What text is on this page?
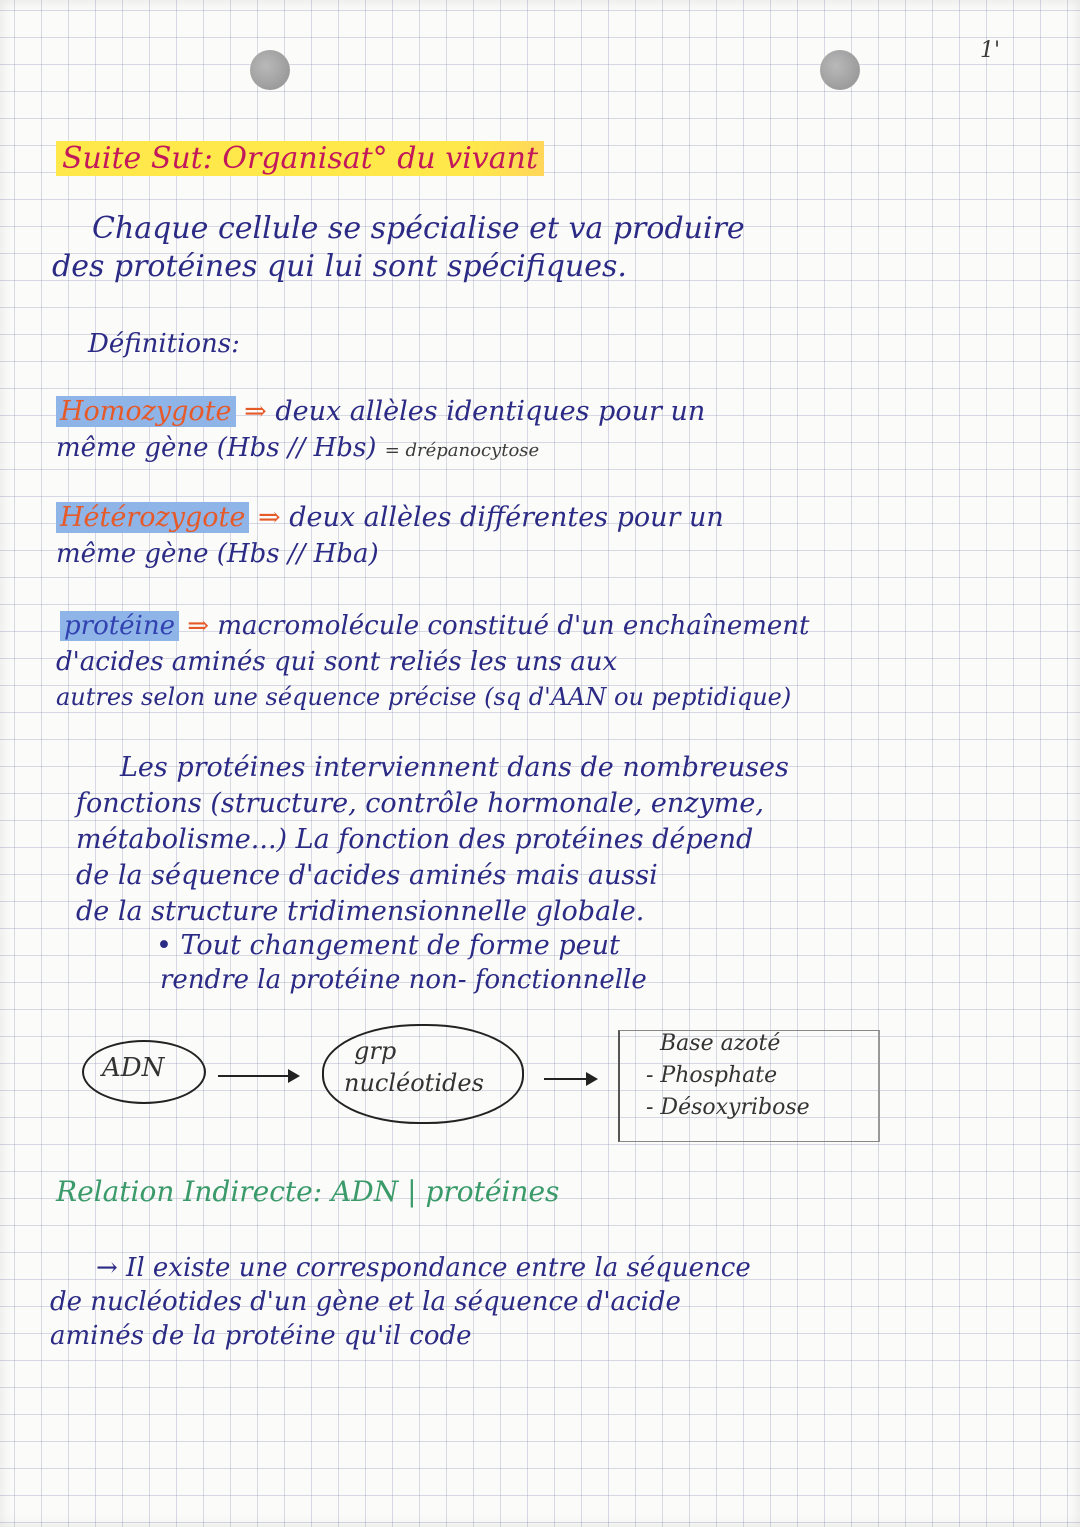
1'

Suite Sut: Organisat° du vivant

Chaque cellule se spécialise et va produire

des protéines qui lui sont spécifiques.

Définitions:

Homozygote ⇒ deux allèles identiques pour un

même gène (Hbs // Hbs) = drépanocytose

Hétérozygote ⇒ deux allèles différentes pour un

même gène (Hbs // Hba)

protéine ⇒ macromolécule constitué d'un enchaînement

d'acides aminés qui sont reliés les uns aux

autres selon une séquence précise (sq d'AAN ou peptidique)

Les protéines interviennent dans de nombreuses

fonctions (structure, contrôle hormonale, enzyme,

métabolisme...) La fonction des protéines dépend

de la séquence d'acides aminés mais aussi

de la structure tridimensionnelle globale.

• Tout changement de forme peut

rendre la protéine non- fonctionnelle

ADN
grp
nucléotides
Base azoté
- Phosphate
- Désoxyribose

Relation Indirecte: ADN | protéines

→ Il existe une correspondance entre la séquence

de nucléotides d'un gène et la séquence d'acide

aminés de la protéine qu'il code
